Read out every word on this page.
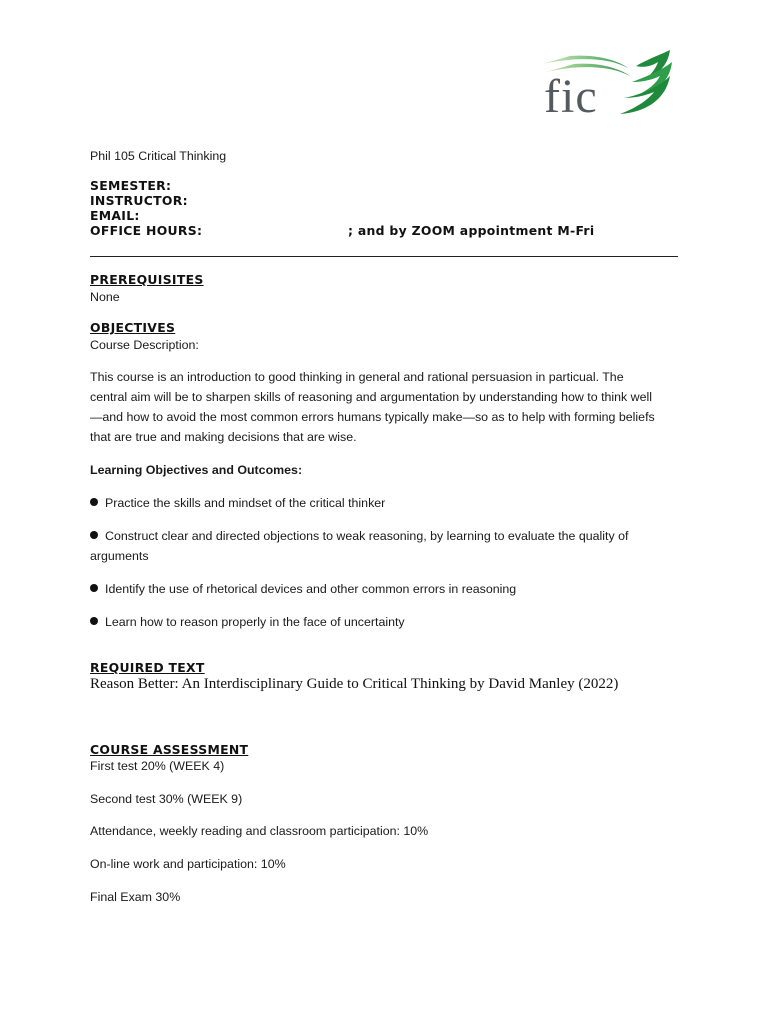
fic
Phil 105 Critical Thinking
SEMESTER:
INSTRUCTOR:
EMAIL:
OFFICE HOURS:	; and by ZOOM appointment M-Fri
PREREQUISITES
None
OBJECTIVES
Course Description:
This course is an introduction to good thinking in general and rational persuasion in particual. The
central aim will be to sharpen skills of reasoning and argumentation by understanding how to think well
—and how to avoid the most common errors humans typically make—so as to help with forming beliefs
that are true and making decisions that are wise.
Learning Objectives and Outcomes:
Practice the skills and mindset of the critical thinker
Construct clear and directed objections to weak reasoning, by learning to evaluate the quality of
arguments
Identify the use of rhetorical devices and other common errors in reasoning
Learn how to reason properly in the face of uncertainty
REQUIRED TEXT
Reason Better: An Interdisciplinary Guide to Critical Thinking by David Manley (2022)
COURSE ASSESSMENT
First test 20% (WEEK 4)
Second test 30% (WEEK 9)
Attendance, weekly reading and classroom participation: 10%
On-line work and participation: 10%
Final Exam 30%
